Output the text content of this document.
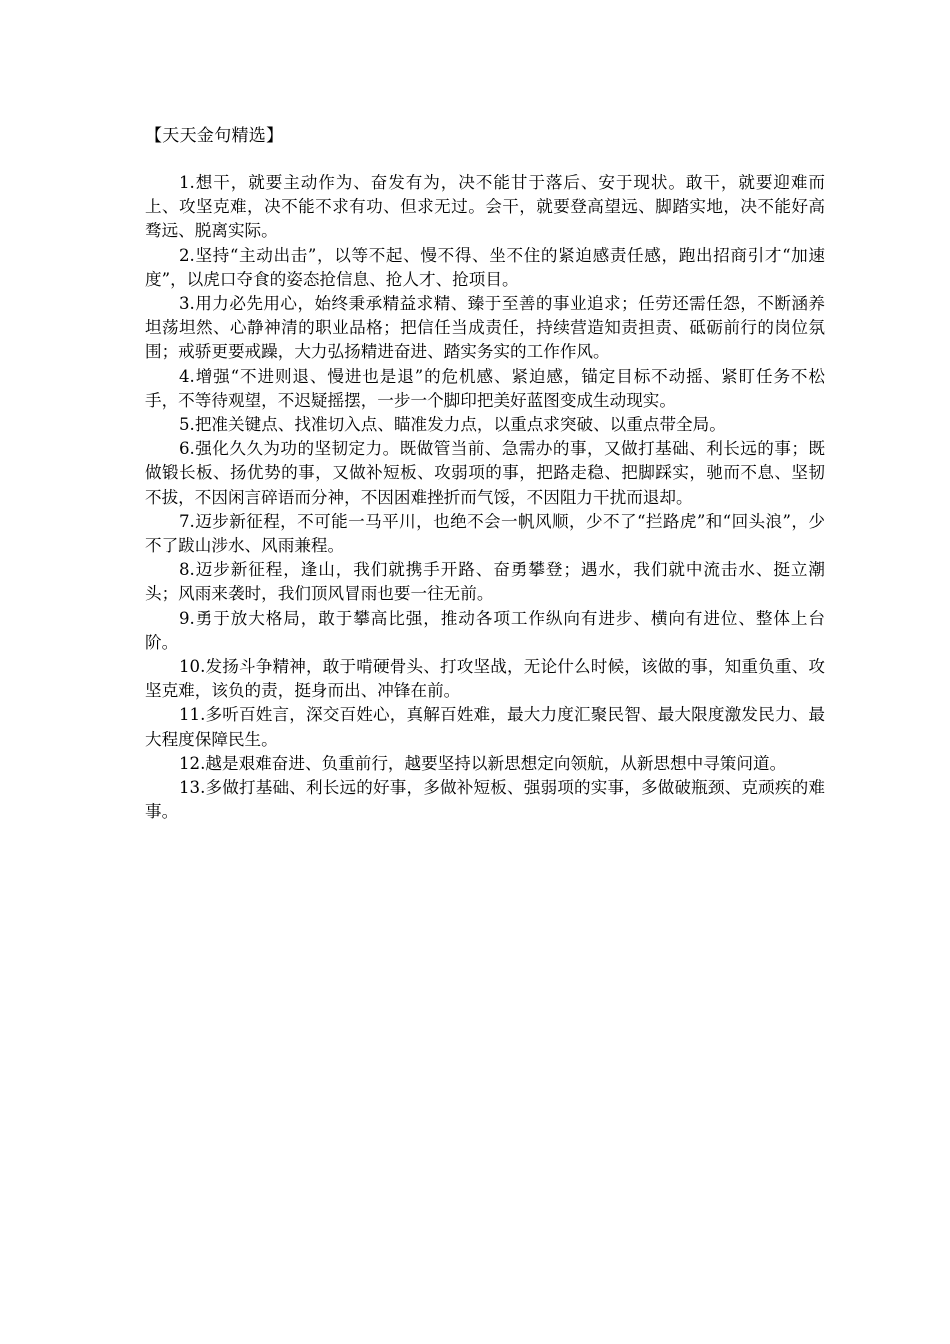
【天天金句精选】

1.想干，就要主动作为、奋发有为，决不能甘于落后、安于现状。敢干，就要迎难而上、攻坚克难，决不能不求有功、但求无过。会干，就要登高望远、脚踏实地，决不能好高骛远、脱离实际。

2.坚持“主动出击”，以等不起、慢不得、坐不住的紧迫感责任感，跑出招商引才“加速度”，以虎口夺食的姿态抢信息、抢人才、抢项目。

3.用力必先用心，始终秉承精益求精、臻于至善的事业追求；任劳还需任怨，不断涵养坦荡坦然、心静神清的职业品格；把信任当成责任，持续营造知责担责、砥砺前行的岗位氛围；戒骄更要戒躁，大力弘扬精进奋进、踏实务实的工作作风。

4.增强“不进则退、慢进也是退”的危机感、紧迫感，锚定目标不动摇、紧盯任务不松手，不等待观望，不迟疑摇摆，一步一个脚印把美好蓝图变成生动现实。

5.把准关键点、找准切入点、瞄准发力点，以重点求突破、以重点带全局。

6.强化久久为功的坚韧定力。既做管当前、急需办的事，又做打基础、利长远的事；既做锻长板、扬优势的事，又做补短板、攻弱项的事，把路走稳、把脚踩实，驰而不息、坚韧不拔，不因闲言碎语而分神，不因困难挫折而气馁，不因阻力干扰而退却。

7.迈步新征程，不可能一马平川，也绝不会一帆风顺，少不了“拦路虎”和“回头浪”，少不了跋山涉水、风雨兼程。

8.迈步新征程，逢山，我们就携手开路、奋勇攀登；遇水，我们就中流击水、挺立潮头；风雨来袭时，我们顶风冒雨也要一往无前。

9.勇于放大格局，敢于攀高比强，推动各项工作纵向有进步、横向有进位、整体上台阶。

10.发扬斗争精神，敢于啃硬骨头、打攻坚战，无论什么时候，该做的事，知重负重、攻坚克难，该负的责，挺身而出、冲锋在前。

11.多听百姓言，深交百姓心，真解百姓难，最大力度汇聚民智、最大限度激发民力、最大程度保障民生。

12.越是艰难奋进、负重前行，越要坚持以新思想定向领航，从新思想中寻策问道。

13.多做打基础、利长远的好事，多做补短板、强弱项的实事，多做破瓶颈、克顽疾的难事。
